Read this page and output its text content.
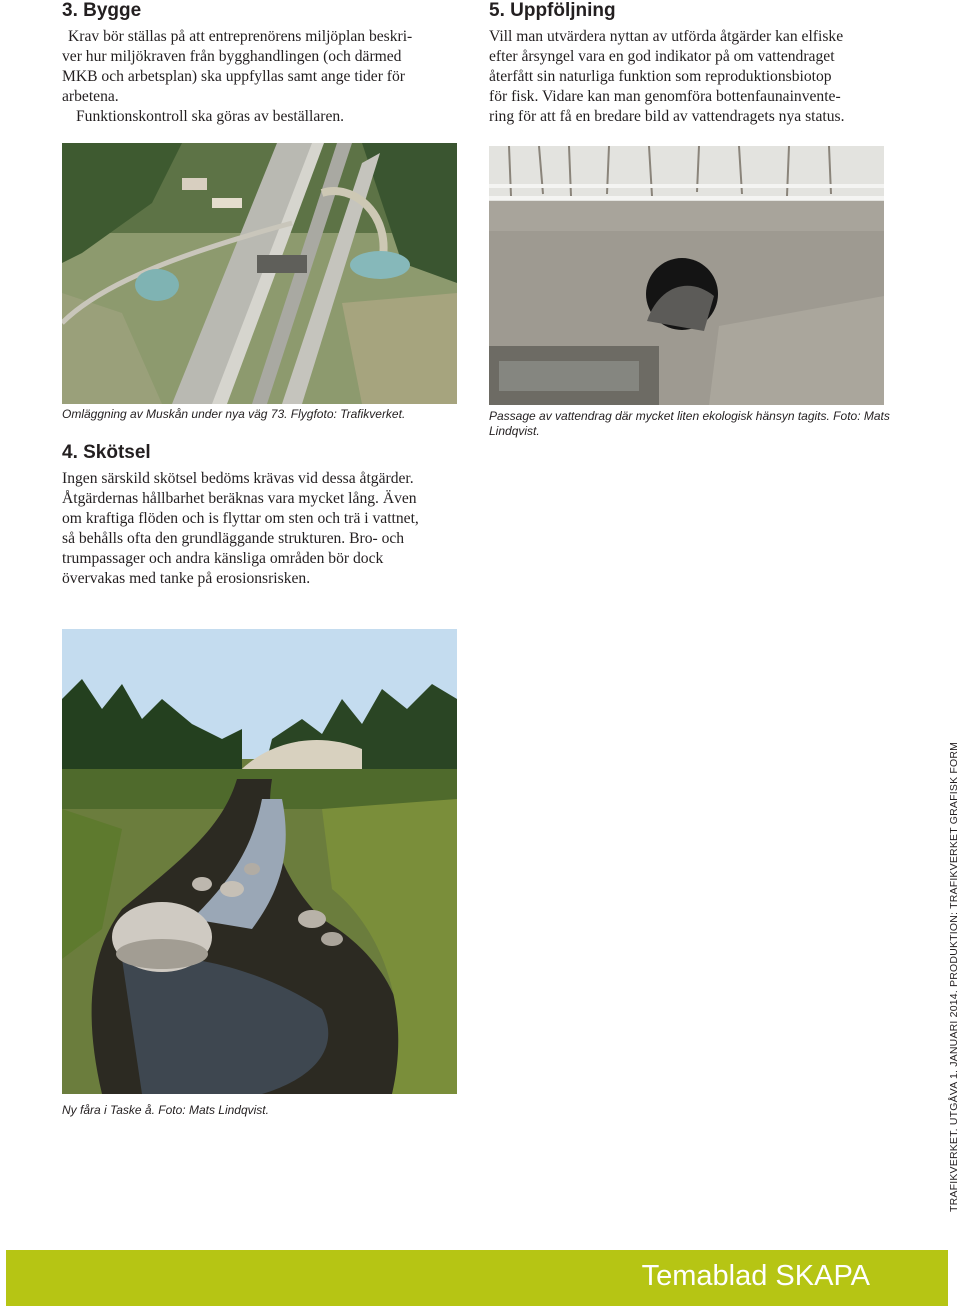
3. Bygge
Krav bör ställas på att entreprenörens miljöplan beskri-
ver hur miljökraven från bygghandlingen (och därmed
MKB och arbetsplan) ska uppfyllas samt ange tider för
arbetena.
Funktionskontroll ska göras av beställaren.
5. Uppföljning
Vill man utvärdera nyttan av utförda åtgärder kan elfiske
efter årsyngel vara en god indikator på om vattendraget
återfått sin naturliga funktion som reproduktionsbiotop
för fisk. Vidare kan man genomföra bottenfaunainvente-
ring för att få en bredare bild av vattendragets nya status.
Omläggning av Muskån under nya väg 73. Flygfoto: Trafikverket.	Passage av vattendrag där mycket liten ekologisk hänsyn tagits. Foto: Mats
Lindqvist.
4. Skötsel
Ingen särskild skötsel bedöms krävas vid dessa åtgärder.
Åtgärdernas hållbarhet beräknas vara mycket lång. Även
om kraftiga flöden och is flyttar om sten och trä i vattnet,
så behålls ofta den grundläggande strukturen. Bro- och
trumpassager och andra känsliga områden bör dock
övervakas med tanke på erosionsrisken.
Ny fåra i Taske å. Foto: Mats Lindqvist.	TRAFIKVERKET. UTGÅVA 1. JANUARI 2014. PRODUKTION: TRAFIKVERKET GRAFISK FORM
Temablad SKAPA
